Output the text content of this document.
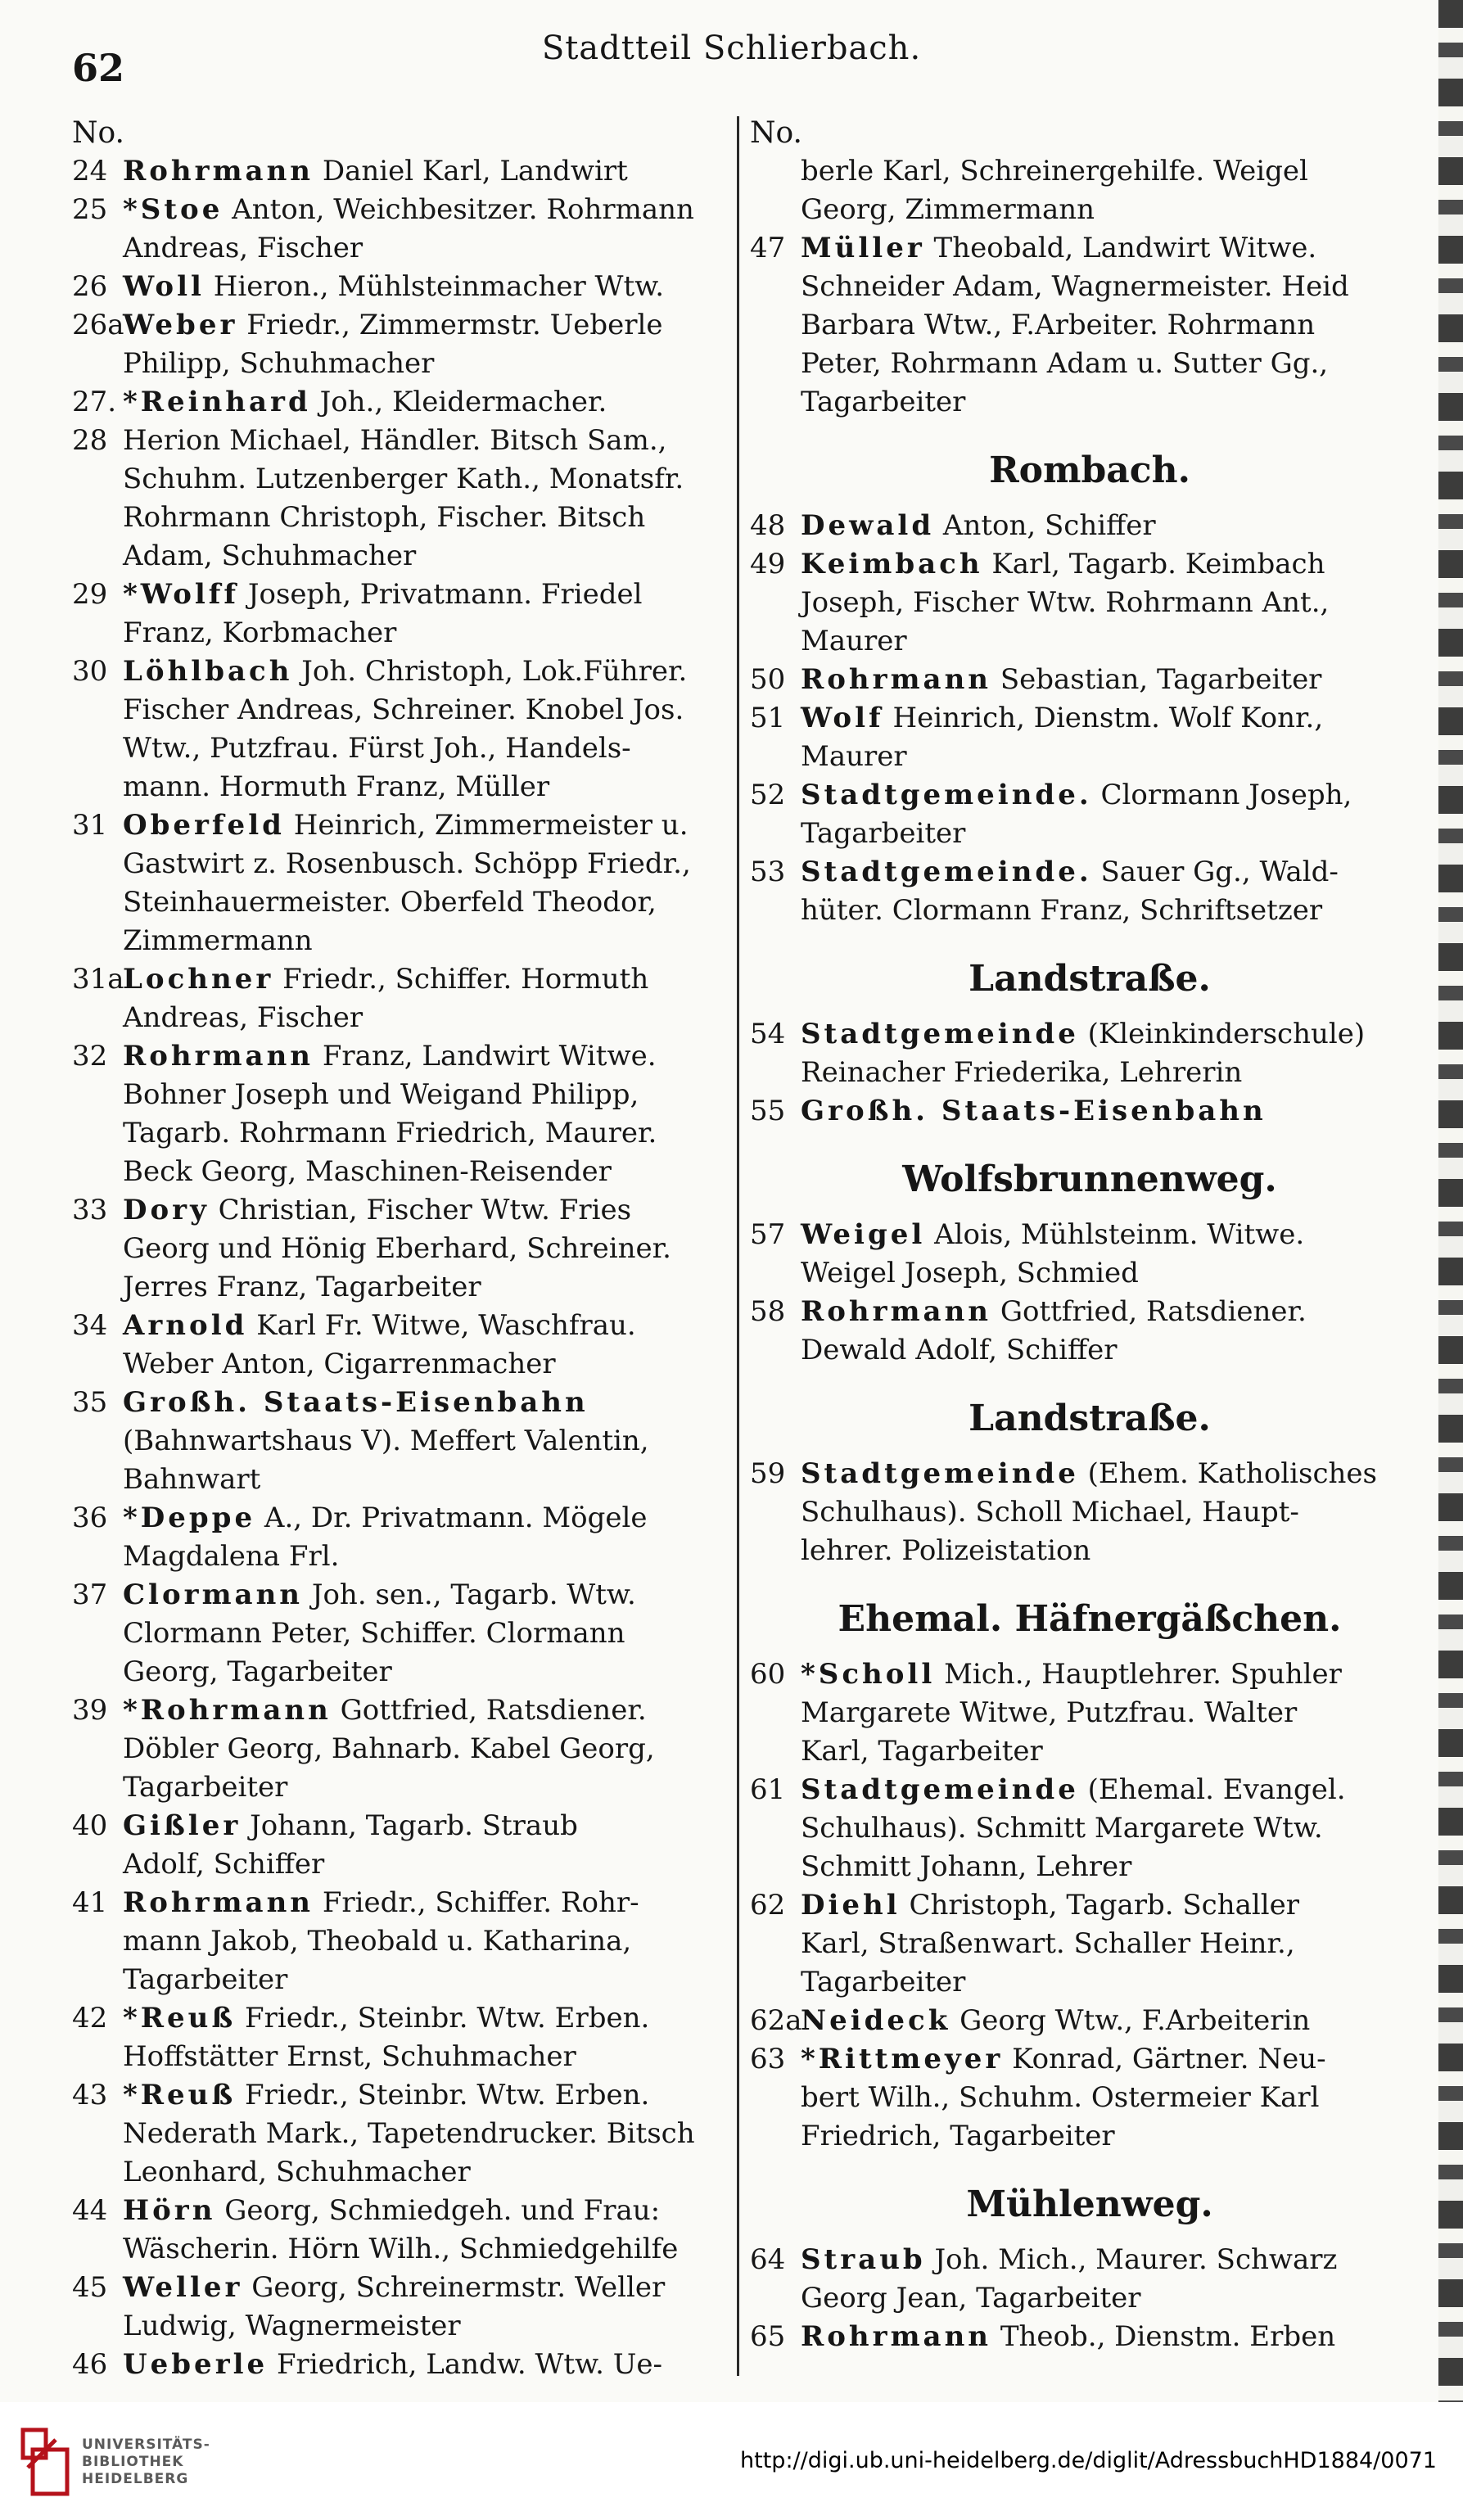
62	Stadtteil Schlierbach.
No.
24 Rohrmann Daniel Karl, Landwirt
25 *Stoe Anton, Weichbesitzer. Rohrmann
Andreas, Fischer
26 Woll Hieron., Mühlsteinmacher Wtw.
26a
Weber Friedr., Zimmermstr. Ueberle
Philipp, Schuhmacher
27. 28
*Reinhard Joh., Kleidermacher.
Herion Michael, Händler. Bitsch Sam.,
Schuhm. Lutzenberger Kath., Monatsfr.
Rohrmann Christoph, Fischer. Bitsch
Adam, Schuhmacher
29 *Wolff Joseph, Privatmann. Friedel
Franz, Korbmacher
30 Löhlbach Joh. Christoph, Lok.Führer.
Fischer Andreas, Schreiner. Knobel Jos.
Wtw., Putzfrau. Fürst Joh., Handels-
mann. Hormuth Franz, Müller
31 Oberfeld Heinrich, Zimmermeister u.
Gastwirt z. Rosenbusch. Schöpp Friedr.,
Steinhauermeister. Oberfeld Theodor,
Zimmermann
31a
Lochner Friedr., Schiffer. Hormuth
Andreas, Fischer
32 Rohrmann Franz, Landwirt Witwe.
Bohner Joseph und Weigand Philipp,
Tagarb. Rohrmann Friedrich, Maurer.
Beck Georg, Maschinen-Reisender
33 Dory Christian, Fischer Wtw. Fries
Georg und Hönig Eberhard, Schreiner.
Jerres Franz, Tagarbeiter
34 Arnold Karl Fr. Witwe, Waschfrau.
Weber Anton, Cigarrenmacher
35 Großh. Staats-Eisenbahn
(Bahnwartshaus V). Meffert Valentin,
Bahnwart
36 *Deppe A., Dr. Privatmann. Mögele
Magdalena Frl.
37 Clormann Joh. sen., Tagarb. Wtw.
Clormann Peter, Schiffer. Clormann
Georg, Tagarbeiter
39 *Rohrmann Gottfried, Ratsdiener.
Döbler Georg, Bahnarb. Kabel Georg,
Tagarbeiter
40 Gißler Johann, Tagarb. Straub
Adolf, Schiffer
41 Rohrmann Friedr., Schiffer. Rohr-
mann Jakob, Theobald u. Katharina,
Tagarbeiter
42 *Reuß Friedr., Steinbr. Wtw. Erben.
Hoffstätter Ernst, Schuhmacher
43 *Reuß Friedr., Steinbr. Wtw. Erben.
Nederath Mark., Tapetendrucker. Bitsch
Leonhard, Schuhmacher
44 Hörn Georg, Schmiedgeh. und Frau:
Wäscherin. Hörn Wilh., Schmiedgehilfe
45 Weller Georg, Schreinermstr. Weller
Ludwig, Wagnermeister
46 Ueberle Friedrich, Landw. Wtw. Ue-
No.
berle Karl, Schreinergehilfe. Weigel
Georg, Zimmermann
47 Müller Theobald, Landwirt Witwe.
Schneider Adam, Wagnermeister. Heid
Barbara Wtw., F.Arbeiter. Rohrmann
Peter, Rohrmann Adam u. Sutter Gg.,
Tagarbeiter
Rombach.
48 Dewald Anton, Schiffer
49 Keimbach Karl, Tagarb. Keimbach
Joseph, Fischer Wtw. Rohrmann Ant.,
Maurer
50 Rohrmann Sebastian, Tagarbeiter
51 Wolf Heinrich, Dienstm. Wolf Konr.,
Maurer
52 Stadtgemeinde. Clormann Joseph,
Tagarbeiter
53 Stadtgemeinde. Sauer Gg., Wald-
hüter. Clormann Franz, Schriftsetzer
Landstraße.
54 Stadtgemeinde (Kleinkinderschule)
Reinacher Friederika, Lehrerin
55 Großh. Staats-Eisenbahn
Wolfsbrunnenweg.
57 Weigel Alois, Mühlsteinm. Witwe.
Weigel Joseph, Schmied
58 Rohrmann Gottfried, Ratsdiener.
Dewald Adolf, Schiffer
Landstraße.
59 Stadtgemeinde (Ehem. Katholisches
Schulhaus). Scholl Michael, Haupt-
lehrer. Polizeistation
Ehemal. Häfnergäßchen.
60 *Scholl Mich., Hauptlehrer. Spuhler
Margarete Witwe, Putzfrau. Walter
Karl, Tagarbeiter
61 Stadtgemeinde (Ehemal. Evangel.
Schulhaus). Schmitt Margarete Wtw.
Schmitt Johann, Lehrer
62 Diehl Christoph, Tagarb. Schaller
Karl, Straßenwart. Schaller Heinr.,
Tagarbeiter
62a
Neideck Georg Wtw., F.Arbeiterin
63 *Rittmeyer Konrad, Gärtner. Neu-
bert Wilh., Schuhm. Ostermeier Karl
Friedrich, Tagarbeiter
Mühlenweg.
64 Straub Joh. Mich., Maurer. Schwarz
Georg Jean, Tagarbeiter
65 Rohrmann Theob., Dienstm. Erben
UNIVERSITÄTS-
BIBLIOTHEK
HEIDELBERG
http://digi.ub.uni-heidelberg.de/diglit/AdressbuchHD1884/0071
